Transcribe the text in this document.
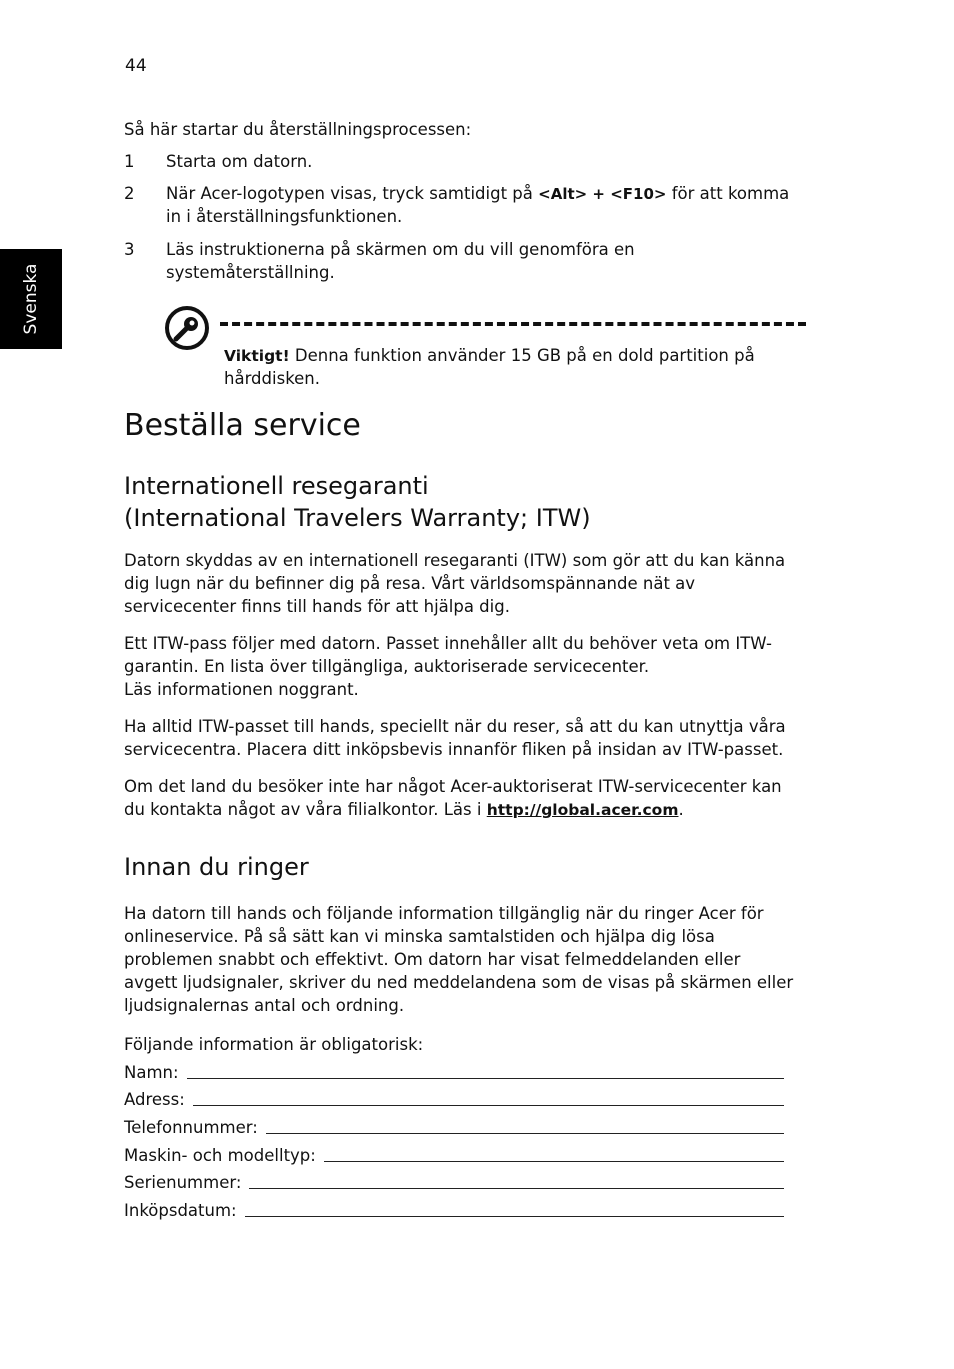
44
Svenska
Så här startar du återställningsprocessen:
1	Starta om datorn.
2	När Acer-logotypen visas, tryck samtidigt på <Alt> + <F10> för att komma
in i återställningsfunktionen.
3	Läs instruktionerna på skärmen om du vill genomföra en
systemåterställning.
Viktigt! Denna funktion använder 15 GB på en dold partition på
hårddisken.
Beställa service
Internationell resegaranti
(International Travelers Warranty; ITW)
Datorn skyddas av en internationell resegaranti (ITW) som gör att du kan känna
dig lugn när du befinner dig på resa. Vårt världsomspännande nät av
servicecenter finns till hands för att hjälpa dig.
Ett ITW-pass följer med datorn. Passet innehåller allt du behöver veta om ITW-
garantin. En lista över tillgängliga, auktoriserade servicecenter.
Läs informationen noggrant.
Ha alltid ITW-passet till hands, speciellt när du reser, så att du kan utnyttja våra
servicecentra. Placera ditt inköpsbevis innanför fliken på insidan av ITW-passet.
Om det land du besöker inte har något Acer-auktoriserat ITW-servicecenter kan
du kontakta något av våra filialkontor. Läs i http://global.acer.com.
Innan du ringer
Ha datorn till hands och följande information tillgänglig när du ringer Acer för
onlineservice. På så sätt kan vi minska samtalstiden och hjälpa dig lösa
problemen snabbt och effektivt. Om datorn har visat felmeddelanden eller
avgett ljudsignaler, skriver du ned meddelandena som de visas på skärmen eller
ljudsignalernas antal och ordning.
Följande information är obligatorisk:
Namn:
Adress:
Telefonnummer:
Maskin- och modelltyp:
Serienummer:
Inköpsdatum:
